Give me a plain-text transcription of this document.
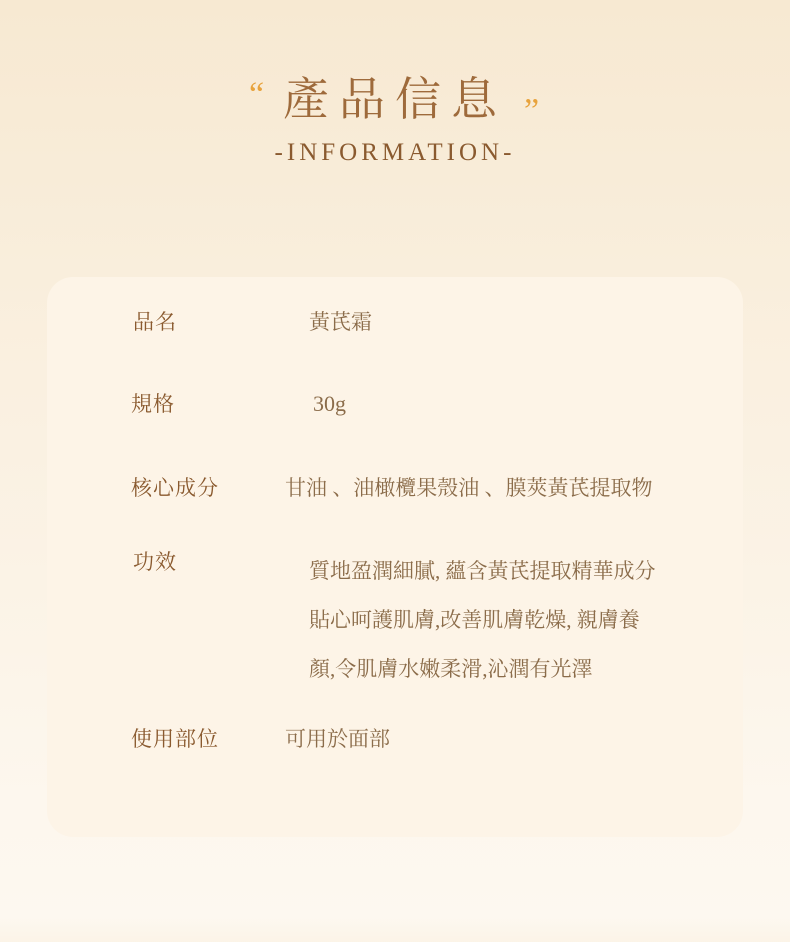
“ 產品信息 “
-INFORMATION-
品名	黃芪霜
規格	30g
核心成分	甘油 、油橄欖果殼油 、膜莢黃芪提取物
功效	質地盈潤細膩, 蘊含黃芪提取精華成分
貼心呵護肌膚,改善肌膚乾燥, 親膚養
顏,令肌膚水嫩柔滑,沁潤有光澤
使用部位	可用於面部
